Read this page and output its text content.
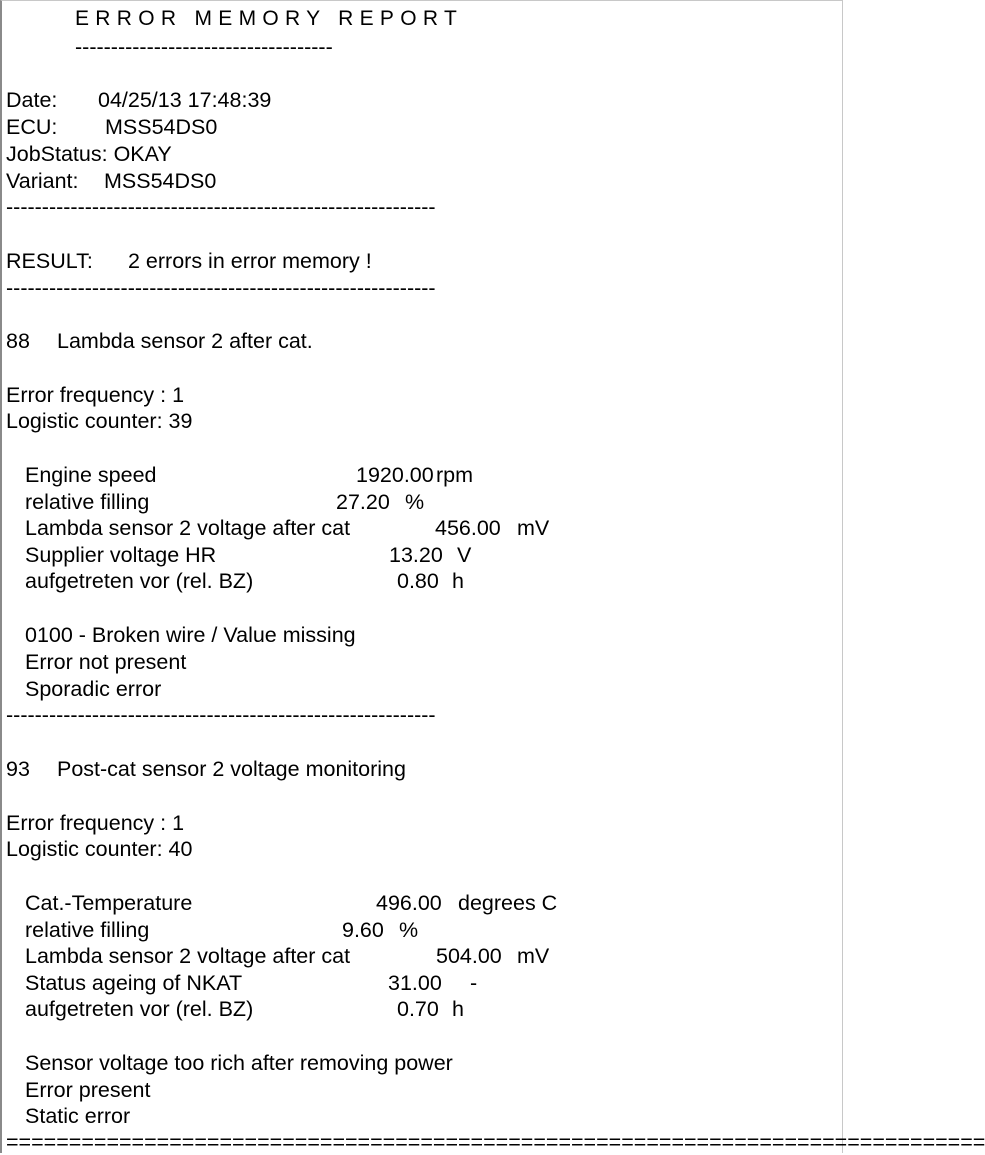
ERROR MEMORY REPORT
------------------------------------
Date: 04/25/13 17:48:39
ECU: MSS54DS0
JobStatus: OKAY
Variant: MSS54DS0
------------------------------------------------------------
RESULT: 2 errors in error memory !
------------------------------------------------------------
88 Lambda sensor 2 after cat.
Error frequency : 1
Logistic counter: 39
Engine speed	1920.00 rpm
relative filling	27.20 %
Lambda sensor 2 voltage after cat	456.00 mV
Supplier voltage HR	13.20 V
aufgetreten vor (rel. BZ)	0.80 h
0100 - Broken wire / Value missing
Error not present
Sporadic error
------------------------------------------------------------
93 Post-cat sensor 2 voltage monitoring
Error frequency : 1
Logistic counter: 40
Cat.-Temperature	496.00 degrees C
relative filling	9.60 %
Lambda sensor 2 voltage after cat	504.00 mV
Status ageing of NKAT	31.00 -
aufgetreten vor (rel. BZ)	0.70 h
Sensor voltage too rich after removing power
Error present
Static error
==============================================================================
